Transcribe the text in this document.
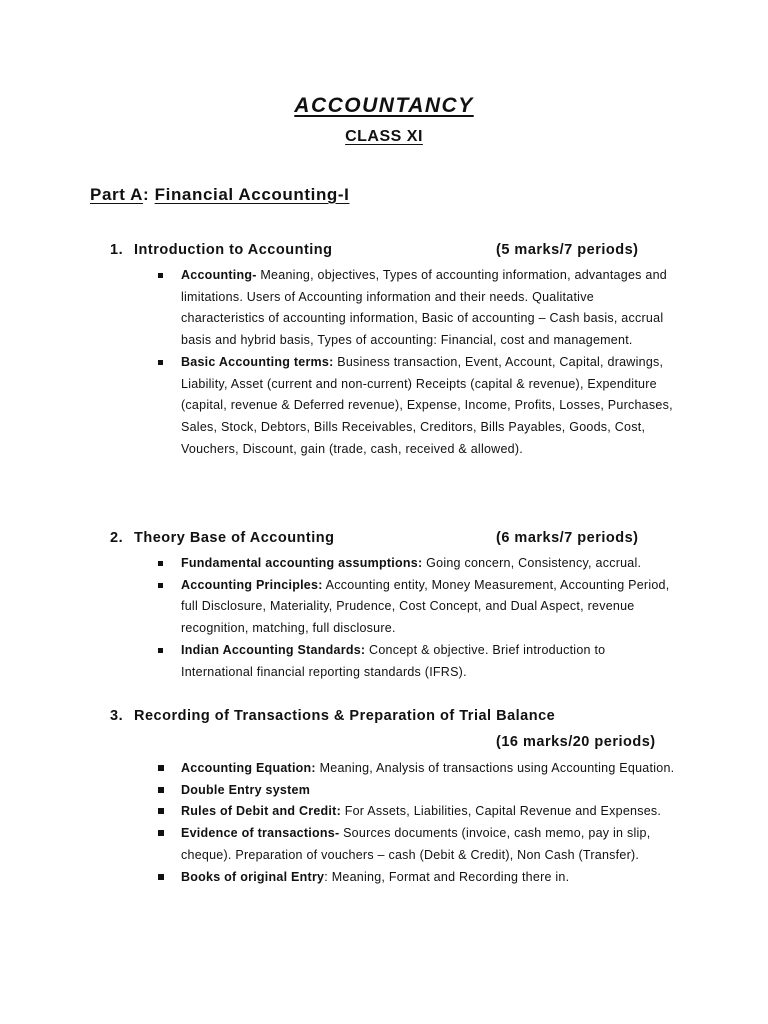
ACCOUNTANCY
CLASS XI
Part A: Financial Accounting-I
1. Introduction to Accounting	(5 marks/7 periods)
Accounting- Meaning, objectives, Types of accounting information, advantages and limitations. Users of Accounting information and their needs. Qualitative characteristics of accounting information, Basic of accounting – Cash basis, accrual basis and hybrid basis, Types of accounting: Financial, cost and management.
Basic Accounting terms: Business transaction, Event, Account, Capital, drawings, Liability, Asset (current and non-current) Receipts (capital & revenue), Expenditure (capital, revenue & Deferred revenue), Expense, Income, Profits, Losses, Purchases, Sales, Stock, Debtors, Bills Receivables, Creditors, Bills Payables, Goods, Cost, Vouchers, Discount, gain (trade, cash, received & allowed).
2. Theory Base of Accounting	(6 marks/7 periods)
Fundamental accounting assumptions: Going concern, Consistency, accrual.
Accounting Principles: Accounting entity, Money Measurement, Accounting Period, full Disclosure, Materiality, Prudence, Cost Concept, and Dual Aspect, revenue recognition, matching, full disclosure.
Indian Accounting Standards: Concept & objective. Brief introduction to International financial reporting standards (IFRS).
3. Recording of Transactions & Preparation of Trial Balance
(16 marks/20 periods)
Accounting Equation: Meaning, Analysis of transactions using Accounting Equation.
Double Entry system
Rules of Debit and Credit: For Assets, Liabilities, Capital Revenue and Expenses.
Evidence of transactions- Sources documents (invoice, cash memo, pay in slip, cheque). Preparation of vouchers – cash (Debit & Credit), Non Cash (Transfer).
Books of original Entry: Meaning, Format and Recording there in.
